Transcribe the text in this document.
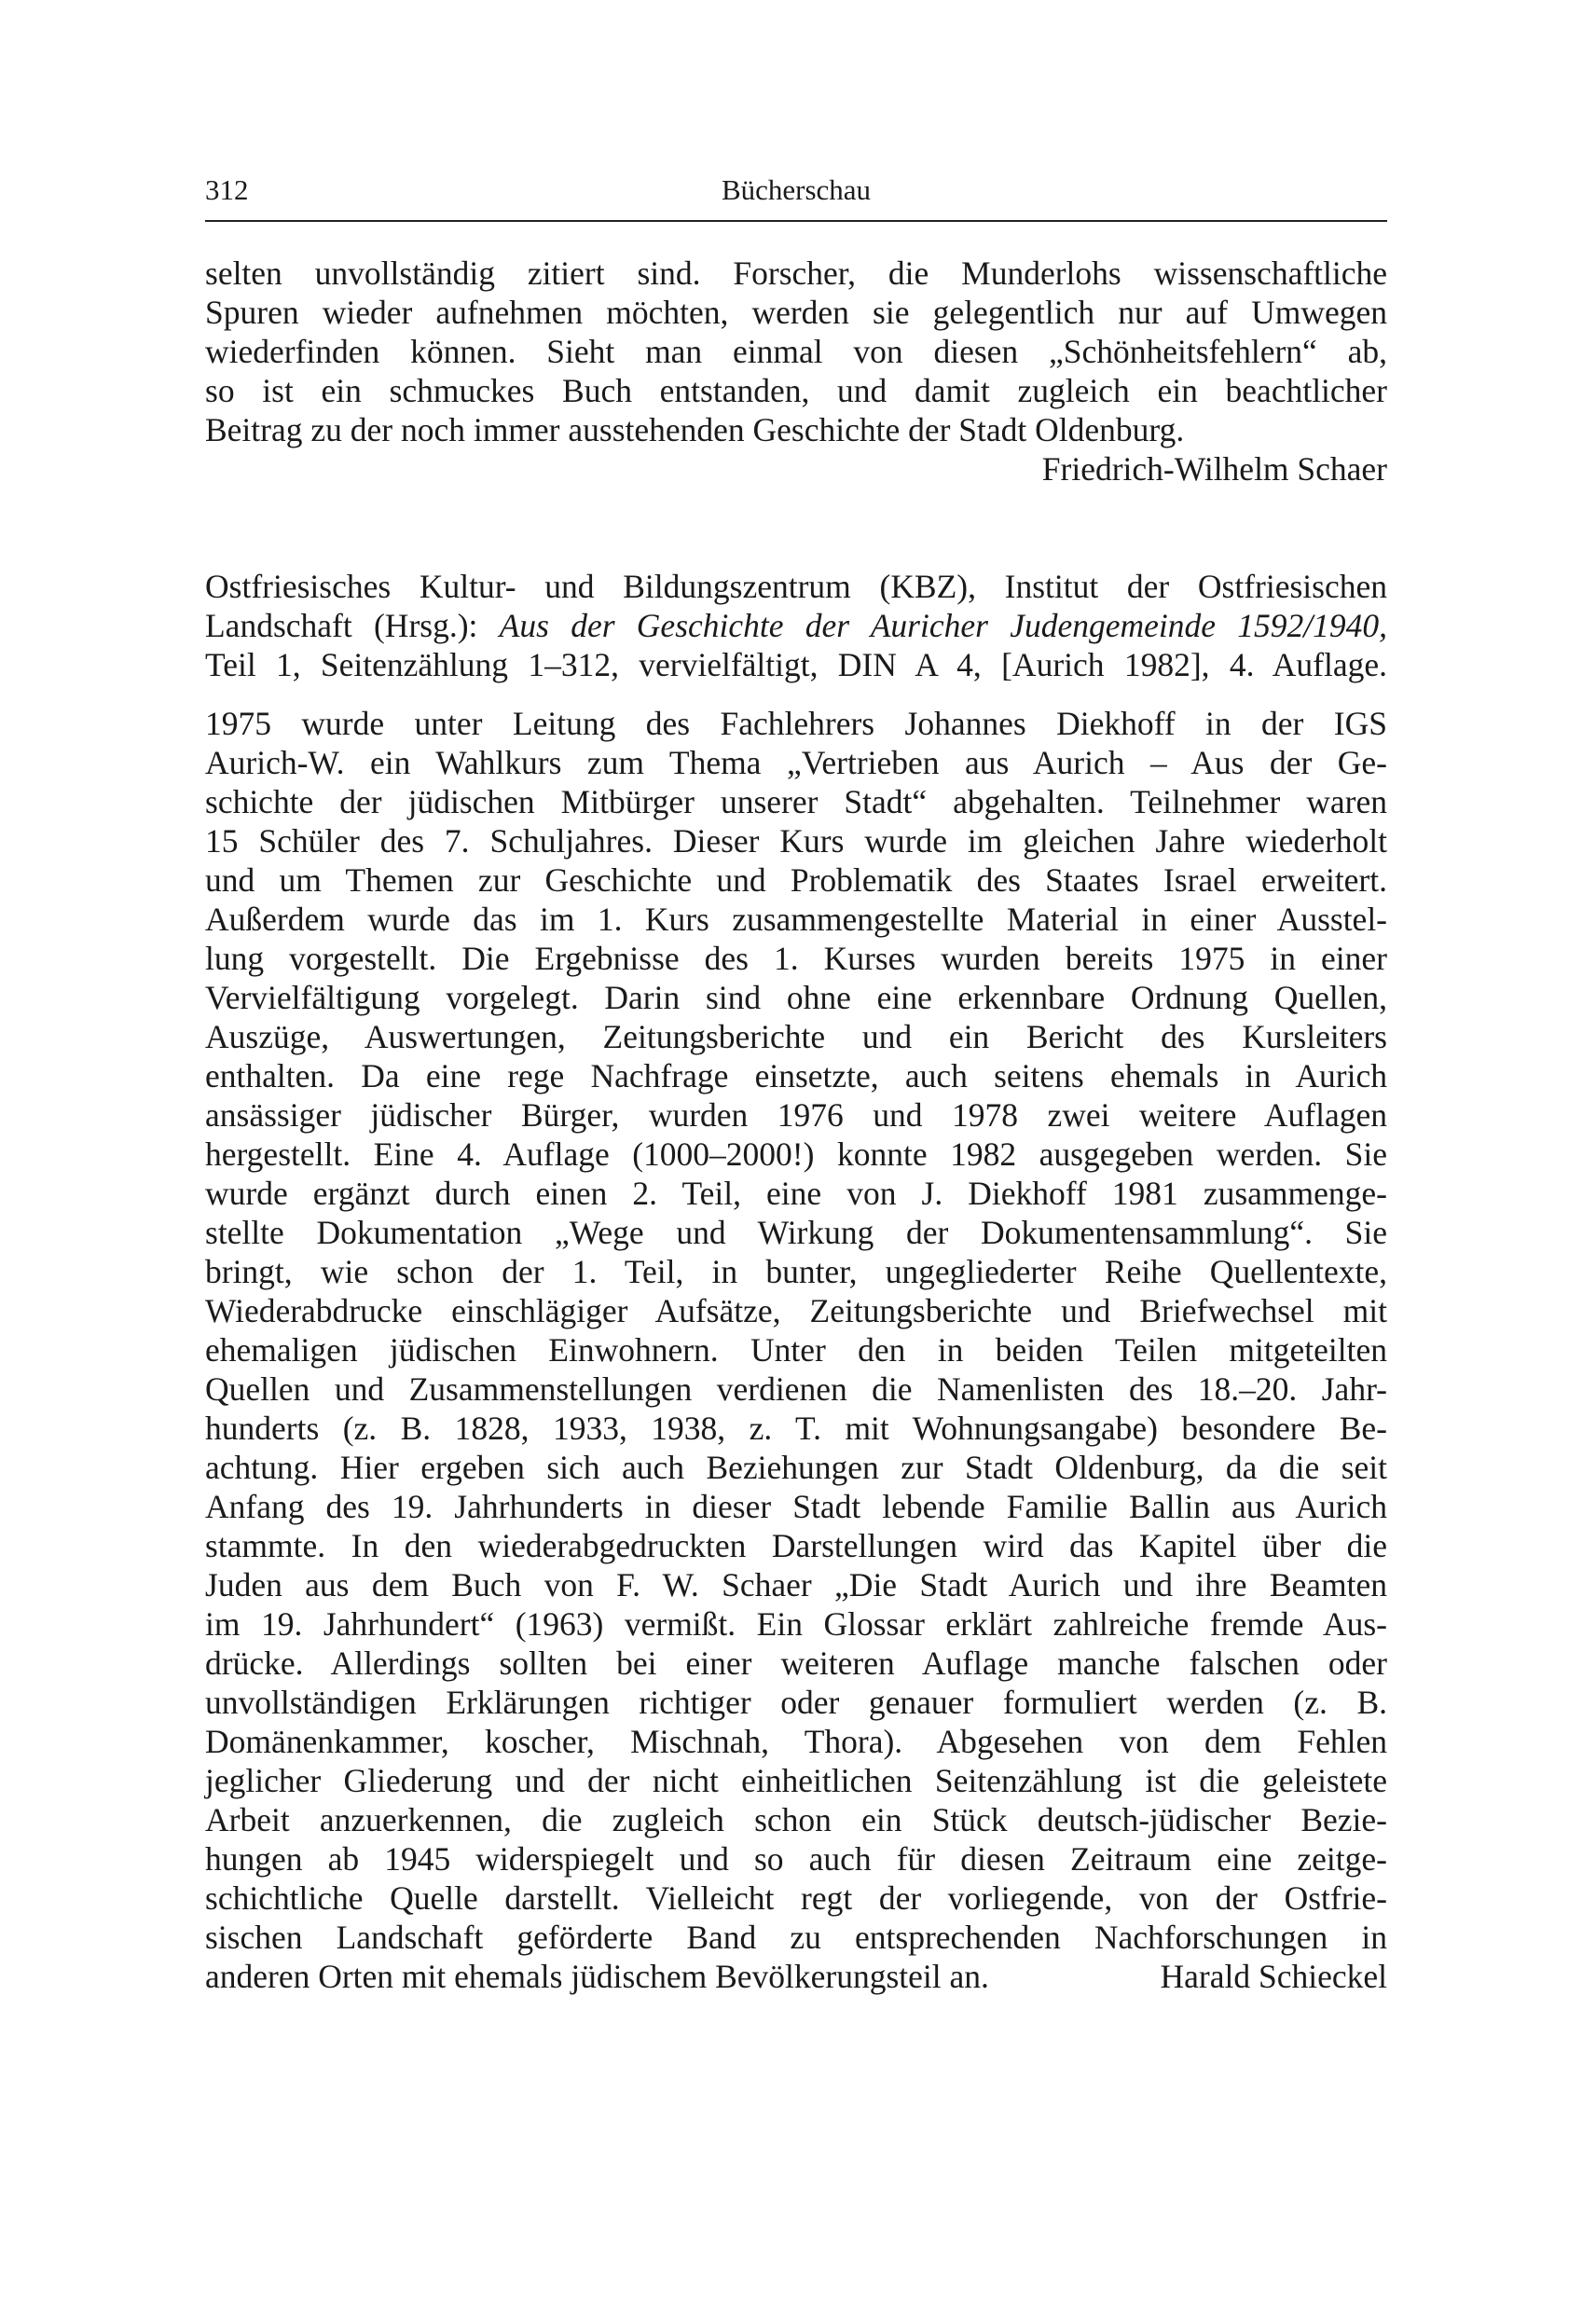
312	Bücherschau
selten unvollständig zitiert sind. Forscher, die Munderlohs wissenschaftliche
Spuren wieder aufnehmen möchten, werden sie gelegentlich nur auf Umwegen
wiederfinden können. Sieht man einmal von diesen „Schönheitsfehlern“ ab,
so ist ein schmuckes Buch entstanden, und damit zugleich ein beachtlicher
Beitrag zu der noch immer ausstehenden Geschichte der Stadt Oldenburg.
Friedrich-Wilhelm Schaer
Ostfriesisches Kultur- und Bildungszentrum (KBZ), Institut der Ostfriesischen
Landschaft (Hrsg.): Aus der Geschichte der Auricher Judengemeinde 1592/1940,
Teil 1, Seitenzählung 1–312, vervielfältigt, DIN A 4, [Aurich 1982], 4. Auflage.
1975 wurde unter Leitung des Fachlehrers Johannes Diekhoff in der IGS
Aurich-W. ein Wahlkurs zum Thema „Vertrieben aus Aurich – Aus der Ge-
schichte der jüdischen Mitbürger unserer Stadt“ abgehalten. Teilnehmer waren
15 Schüler des 7. Schuljahres. Dieser Kurs wurde im gleichen Jahre wiederholt
und um Themen zur Geschichte und Problematik des Staates Israel erweitert.
Außerdem wurde das im 1. Kurs zusammengestellte Material in einer Ausstel-
lung vorgestellt. Die Ergebnisse des 1. Kurses wurden bereits 1975 in einer
Vervielfältigung vorgelegt. Darin sind ohne eine erkennbare Ordnung Quellen,
Auszüge, Auswertungen, Zeitungsberichte und ein Bericht des Kursleiters
enthalten. Da eine rege Nachfrage einsetzte, auch seitens ehemals in Aurich
ansässiger jüdischer Bürger, wurden 1976 und 1978 zwei weitere Auflagen
hergestellt. Eine 4. Auflage (1000–2000!) konnte 1982 ausgegeben werden. Sie
wurde ergänzt durch einen 2. Teil, eine von J. Diekhoff 1981 zusammenge-
stellte Dokumentation „Wege und Wirkung der Dokumentensammlung“. Sie
bringt, wie schon der 1. Teil, in bunter, ungegliederter Reihe Quellentexte,
Wiederabdrucke einschlägiger Aufsätze, Zeitungsberichte und Briefwechsel mit
ehemaligen jüdischen Einwohnern. Unter den in beiden Teilen mitgeteilten
Quellen und Zusammenstellungen verdienen die Namenlisten des 18.–20. Jahr-
hunderts (z. B. 1828, 1933, 1938, z. T. mit Wohnungsangabe) besondere Be-
achtung. Hier ergeben sich auch Beziehungen zur Stadt Oldenburg, da die seit
Anfang des 19. Jahrhunderts in dieser Stadt lebende Familie Ballin aus Aurich
stammte. In den wiederabgedruckten Darstellungen wird das Kapitel über die
Juden aus dem Buch von F. W. Schaer „Die Stadt Aurich und ihre Beamten
im 19. Jahrhundert“ (1963) vermißt. Ein Glossar erklärt zahlreiche fremde Aus-
drücke. Allerdings sollten bei einer weiteren Auflage manche falschen oder
unvollständigen Erklärungen richtiger oder genauer formuliert werden (z. B.
Domänenkammer, koscher, Mischnah, Thora). Abgesehen von dem Fehlen
jeglicher Gliederung und der nicht einheitlichen Seitenzählung ist die geleistete
Arbeit anzuerkennen, die zugleich schon ein Stück deutsch-jüdischer Bezie-
hungen ab 1945 widerspiegelt und so auch für diesen Zeitraum eine zeitge-
schichtliche Quelle darstellt. Vielleicht regt der vorliegende, von der Ostfrie-
sischen Landschaft geförderte Band zu entsprechenden Nachforschungen in
anderen Orten mit ehemals jüdischem Bevölkerungsteil an.	Harald Schieckel
